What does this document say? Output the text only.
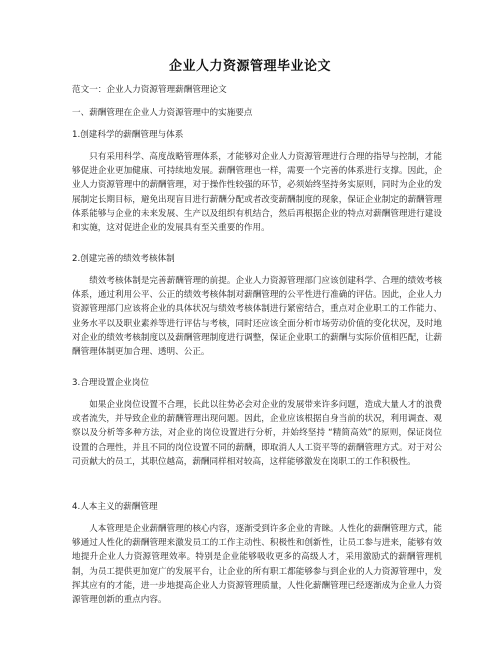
企业人力资源管理毕业论文
范文一：企业人力资源管理薪酬管理论文
一、薪酬管理在企业人力资源管理中的实施要点
1.创建科学的薪酬管理与体系
只有采用科学、高度战略管理体系，才能够对企业人力资源管理进行合理的指导与控制，才能够促进企业更加健康、可持续地发展。薪酬管理也一样，需要一个完善的体系进行支撑。因此，企业人力资源管理中的薪酬管理，对于操作性较强的环节，必须始终坚持务实原则，同时为企业的发展制定长期目标，避免出现盲目进行薪酬分配或者改变薪酬制度的现象，保证企业制定的薪酬管理体系能够与企业的未来发展、生产以及组织有机结合，然后再根据企业的特点对薪酬管理进行建设和实施，这对促进企业的发展具有至关重要的作用。
2.创建完善的绩效考核体制
绩效考核体制是完善薪酬管理的前提。企业人力资源管理部门应该创建科学、合理的绩效考核体系，通过利用公平、公正的绩效考核体制对薪酬管理的公平性进行准确的评估。因此，企业人力资源管理部门应该将企业的具体状况与绩效考核体制进行紧密结合，重点对企业职工的工作能力、业务水平以及职业素养等进行评估与考核，同时还应该全面分析市场劳动价值的变化状况，及时地对企业的绩效考核制度以及薪酬管理制度进行调整，保证企业职工的薪酬与实际价值相匹配，让薪酬管理体制更加合理、透明、公正。
3.合理设置企业岗位
如果企业岗位设置不合理，长此以往势必会对企业的发展带来许多问题，造成大量人才的浪费或者流失，并导致企业的薪酬管理出现问题。因此，企业应该根据自身当前的状况，利用调查、观察以及分析等多种方法，对企业的岗位设置进行分析，并始终坚持 “精简高效”的原则，保证岗位设置的合理性，并且不同的岗位设置不同的薪酬，即取消人人工资平等的薪酬管理方式。对于对公司贡献大的员工，其职位越高，薪酬同样相对较高，这样能够激发在岗职工的工作积极性。
4.人本主义的薪酬管理
人本管理是企业薪酬管理的核心内容，逐渐受到许多企业的青睐。人性化的薪酬管理方式，能够通过人性化的薪酬管理来激发员工的工作主动性、积极性和创新性，让员工参与进来，能够有效地提升企业人力资源管理效率。特别是企业能够吸收更多的高级人才，采用激励式的薪酬管理机制，为员工提供更加宽广的发展平台，让企业的所有职工都能够参与到企业的人力资源管理中，发挥其应有的才能，进一步地提高企业人力资源管理质量，人性化薪酬管理已经逐渐成为企业人力资源管理创新的重点内容。
